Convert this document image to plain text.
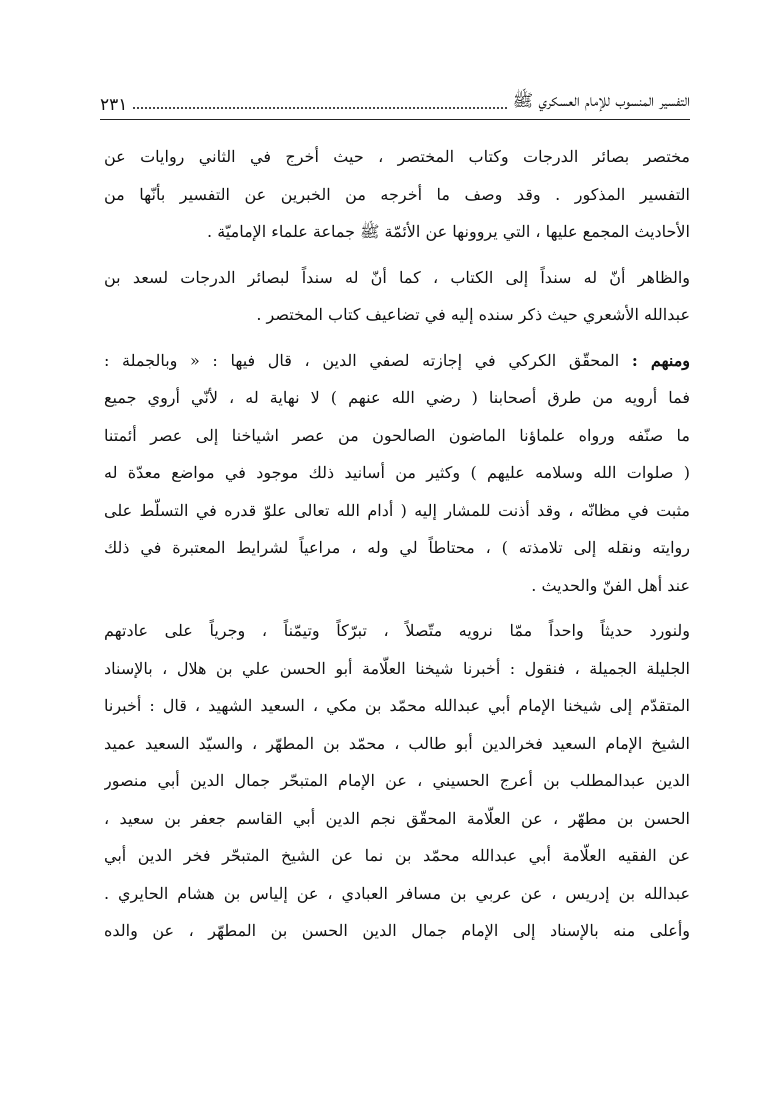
التفسير المنسوب للإمام العسكري ﷺ
٢٣١
مختصر بصائر الدرجات وكتاب المختصر ، حيث أخرج في الثاني روايات عن
التفسير المذكور . وقد وصف ما أخرجه من الخبرين عن التفسير بأنّها من
الأحاديث المجمع عليها ، التي يروونها عن الأئمّة ﷺ جماعة علماء الإماميّة .
والظاهر أنّ له سنداً إلى الكتاب ، كما أنّ له سنداً لبصائر الدرجات لسعد بن
عبدالله الأشعري حيث ذكر سنده إليه في تضاعيف كتاب المختصر .
ومنهم : المحقّق الكركي في إجازته لصفي الدين ، قال فيها : « وبالجملة :
فما أرويه من طرق أصحابنا ( رضي الله عنهم ) لا نهاية له ، لأنّي أروي جميع
ما صنّفه ورواه علماؤنا الماضون الصالحون من عصر اشياخنا إلى عصر أئمتنا
( صلوات الله وسلامه عليهم ) وكثير من أسانيد ذلك موجود في مواضع معدّة له
مثبت في مظانّه ، وقد أذنت للمشار إليه ( أدام الله تعالى علوّ قدره في التسلّط على
روايته ونقله إلى تلامذته ) ، محتاطاً لي وله ، مراعياً لشرايط المعتبرة في ذلك
عند أهل الفنّ والحديث .
ولنورد حديثاً واحداً ممّا نرويه متّصلاً ، تبرّكاً وتيمّناً ، وجرياً على عادتهم
الجليلة الجميلة ، فنقول : أخبرنا شيخنا العلّامة أبو الحسن علي بن هلال ، بالإسناد
المتقدّم إلى شيخنا الإمام أبي عبدالله محمّد بن مكي ، السعيد الشهيد ، قال : أخبرنا
الشيخ الإمام السعيد فخرالدين أبو طالب ، محمّد بن المطهّر ، والسيّد السعيد عميد
الدين عبدالمطلب بن أعرج الحسيني ، عن الإمام المتبحّر جمال الدين أبي منصور
الحسن بن مطهّر ، عن العلّامة المحقّق نجم الدين أبي القاسم جعفر بن سعيد ،
عن الفقيه العلّامة أبي عبدالله محمّد بن نما عن الشيخ المتبحّر فخر الدين أبي
عبدالله بن إدريس ، عن عربي بن مسافر العبادي ، عن إلياس بن هشام الحايري .
وأعلى منه بالإسناد إلى الإمام جمال الدين الحسن بن المطهّر ، عن والده
